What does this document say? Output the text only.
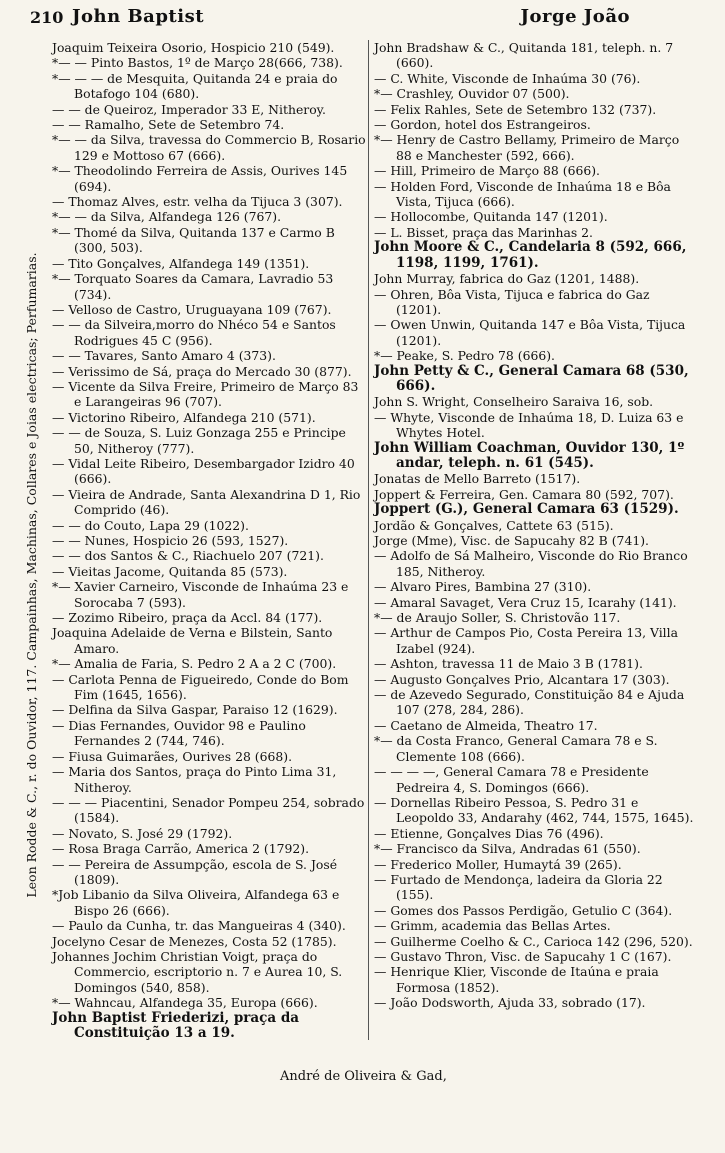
210 John Baptist	Jorge João
Leon Rodde & C., r. do Ouvidor, 117. Campainhas, Machinas, Collares e Joias electricas; Perfumarias.

Joaquim Teixeira Osorio, Hospicio 210 (549).

*— — Pinto Bastos, 1º de Março 28(666, 738).

*— — — de Mesquita, Quitanda 24 e praia do Botafogo 104 (680).

— — de Queiroz, Imperador 33 E, Nitheroy.

— — Ramalho, Sete de Setembro 74.

*— — da Silva, travessa do Commercio B, Rosario 129 e Mottoso 67 (666).

*— Theodolindo Ferreira de Assis, Ourives 145 (694).

— Thomaz Alves, estr. velha da Tijuca 3 (307).

*— — da Silva, Alfandega 126 (767).

*— Thomé da Silva, Quitanda 137 e Carmo B (300, 503).

— Tito Gonçalves, Alfandega 149 (1351).

*— Torquato Soares da Camara, Lavradio 53 (734).

— Velloso de Castro, Uruguayana 109 (767).

— — da Silveira,morro do Nhéco 54 e Santos Rodrigues 45 C (956).

— — Tavares, Santo Amaro 4 (373).

— Verissimo de Sá, praça do Mercado 30 (877).

— Vicente da Silva Freire, Primeiro de Março 83 e Larangeiras 96 (707).

— Victorino Ribeiro, Alfandega 210 (571).

— — de Souza, S. Luiz Gonzaga 255 e Principe 50, Nitheroy (777).

— Vidal Leite Ribeiro, Desembargador Izidro 40 (666).

— Vieira de Andrade, Santa Alexandrina D 1, Rio Comprido (46).

— — do Couto, Lapa 29 (1022).

— — Nunes, Hospicio 26 (593, 1527).

— — dos Santos & C., Riachuelo 207 (721).

— Vieitas Jacome, Quitanda 85 (573).

*— Xavier Carneiro, Visconde de Inhaúma 23 e Sorocaba 7 (593).

— Zozimo Ribeiro, praça da Accl. 84 (177).

Joaquina Adelaide de Verna e Bilstein, Santo Amaro.

*— Amalia de Faria, S. Pedro 2 A a 2 C (700).

— Carlota Penna de Figueiredo, Conde do Bom Fim (1645, 1656).

— Delfina da Silva Gaspar, Paraiso 12 (1629).

— Dias Fernandes, Ouvidor 98 e Paulino Fernandes 2 (744, 746).

— Fiusa Guimarães, Ourives 28 (668).

— Maria dos Santos, praça do Pinto Lima 31, Nitheroy.

— — — Piacentini, Senador Pompeu 254, sobrado (1584).

— Novato, S. José 29 (1792).

— Rosa Braga Carrão, America 2 (1792).

— — Pereira de Assumpção, escola de S. José (1809).

*Job Libanio da Silva Oliveira, Alfandega 63 e Bispo 26 (666).

— Paulo da Cunha, tr. das Mangueiras 4 (340).

Jocelyno Cesar de Menezes, Costa 52 (1785).

Johannes Jochim Christian Voigt, praça do Commercio, escriptorio n. 7 e Aurea 10, S. Domingos (540, 858).

*— Wahncau, Alfandega 35, Europa (666).

John Baptist Friederizi, praça da Constituição 13 a 19.

John Bradshaw & C., Quitanda 181, teleph. n. 7 (660).

— C. White, Visconde de Inhaúma 30 (76).

*— Crashley, Ouvidor 07 (500).

— Felix Rahles, Sete de Setembro 132 (737).

— Gordon, hotel dos Estrangeiros.

*— Henry de Castro Bellamy, Primeiro de Março 88 e Manchester (592, 666).

— Hill, Primeiro de Março 88 (666).

— Holden Ford, Visconde de Inhaúma 18 e Bôa Vista, Tijuca (666).

— Hollocombe, Quitanda 147 (1201).

— L. Bisset, praça das Marinhas 2.

John Moore & C., Candelaria 8 (592, 666, 1198, 1199, 1761).

John Murray, fabrica do Gaz (1201, 1488).

— Ohren, Bôa Vista, Tijuca e fabrica do Gaz (1201).

— Owen Unwin, Quitanda 147 e Bôa Vista, Tijuca (1201).

*— Peake, S. Pedro 78 (666).

John Petty & C., General Camara 68 (530, 666).

John S. Wright, Conselheiro Saraiva 16, sob.

— Whyte, Visconde de Inhaúma 18, D. Luiza 63 e Whytes Hotel.

John William Coachman, Ouvidor 130, 1º andar, teleph. n. 61 (545).

Jonatas de Mello Barreto (1517).

Joppert & Ferreira, Gen. Camara 80 (592, 707).

Joppert (G.), General Camara 63 (1529).

Jordão & Gonçalves, Cattete 63 (515).

Jorge (Mme), Visc. de Sapucahy 82 B (741).

— Adolfo de Sá Malheiro, Visconde do Rio Branco 185, Nitheroy.

— Alvaro Pires, Bambina 27 (310).

— Amaral Savaget, Vera Cruz 15, Icarahy (141).

*— de Araujo Soller, S. Christovão 117.

— Arthur de Campos Pio, Costa Pereira 13, Villa Izabel (924).

— Ashton, travessa 11 de Maio 3 B (1781).

— Augusto Gonçalves Prio, Alcantara 17 (303).

— de Azevedo Segurado, Constituição 84 e Ajuda 107 (278, 284, 286).

— Caetano de Almeida, Theatro 17.

*— da Costa Franco, General Camara 78 e S. Clemente 108 (666).

— — — —, General Camara 78 e Presidente Pedreira 4, S. Domingos (666).

— Dornellas Ribeiro Pessoa, S. Pedro 31 e Leopoldo 33, Andarahy (462, 744, 1575, 1645).

— Etienne, Gonçalves Dias 76 (496).

*— Francisco da Silva, Andradas 61 (550).

— Frederico Moller, Humaytá 39 (265).

— Furtado de Mendonça, ladeira da Gloria 22 (155).

— Gomes dos Passos Perdigão, Getulio C (364).

— Grimm, academia das Bellas Artes.

— Guilherme Coelho & C., Carioca 142 (296, 520).

— Gustavo Thron, Visc. de Sapucahy 1 C (167).

— Henrique Klier, Visconde de Itaúna e praia Formosa (1852).

— João Dodsworth, Ajuda 33, sobrado (17).

André de Oliveira & Gad,
